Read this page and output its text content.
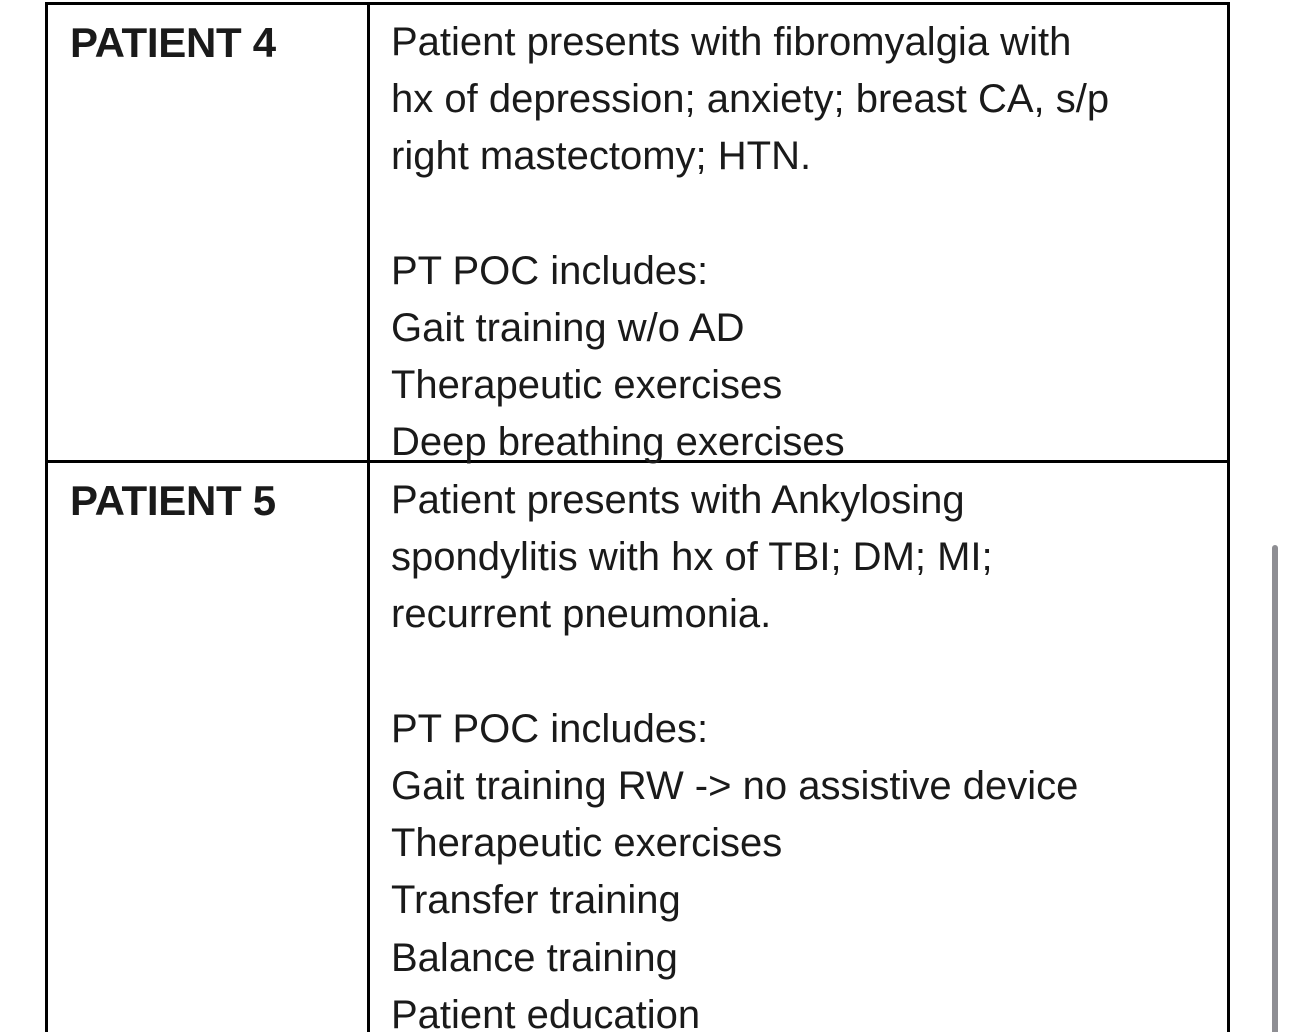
PATIENT 4	Patient presents with fibromyalgia with
hx of depression; anxiety; breast CA, s/p
right mastectomy; HTN.
PT POC includes:
Gait training w/o AD
Therapeutic exercises
Deep breathing exercises
PATIENT 5	Patient presents with Ankylosing
spondylitis with hx of TBI; DM; MI;
recurrent pneumonia.
PT POC includes:
Gait training RW -> no assistive device
Therapeutic exercises
Transfer training
Balance training
Patient education
